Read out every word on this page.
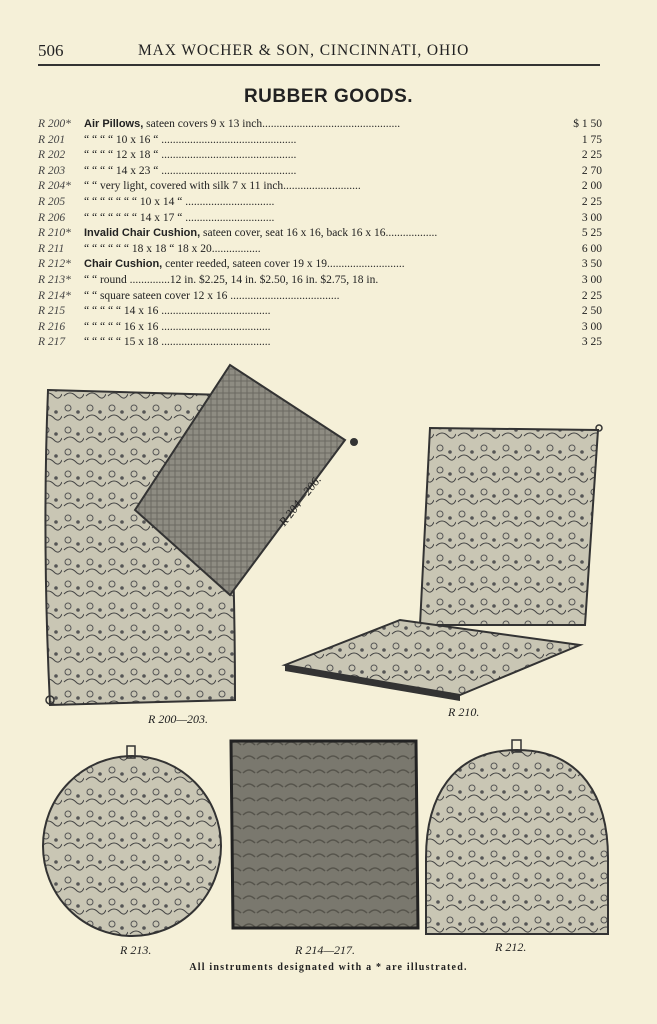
506	MAX WOCHER & SON, CINCINNATI, OHIO
RUBBER GOODS.
R 200*	Air Pillows, sateen covers 9 x 13 inch................................................	$ 1 50
R 201	“ “ “ “ 10 x 16 “ ...............................................	1 75
R 202	“ “ “ “ 12 x 18 “ ...............................................	2 25
R 203	“ “ “ “ 14 x 23 “ ...............................................	2 70
R 204*	“ “ very light, covered with silk 7 x 11 inch...........................	2 00
R 205	“ “ “ “ “ “ “ 10 x 14 “ ...............................	2 25
R 206	“ “ “ “ “ “ “ 14 x 17 “ ...............................	3 00
R 210*	Invalid Chair Cushion, sateen cover, seat 16 x 16, back 16 x 16..................	5 25
R 211	“ “ “ “ “ “ 18 x 18 “ 18 x 20.................	6 00
R 212*	Chair Cushion, center reeded, sateen cover 19 x 19...........................	3 50
R 213*	“ “ round ..............12 in. $2.25, 14 in. $2.50, 16 in. $2.75, 18 in.	3 00
R 214*	“ “ square sateen cover 12 x 16 ......................................	2 25
R 215	“ “ “ “ “ 14 x 16 ......................................	2 50
R 216	“ “ “ “ “ 16 x 16 ......................................	3 00
R 217	“ “ “ “ “ 15 x 18 ......................................	3 25
R 200—203.
R 204—206.
R 210.
R 213.	R 214—217.	R 212.
All instruments designated with a * are illustrated.
